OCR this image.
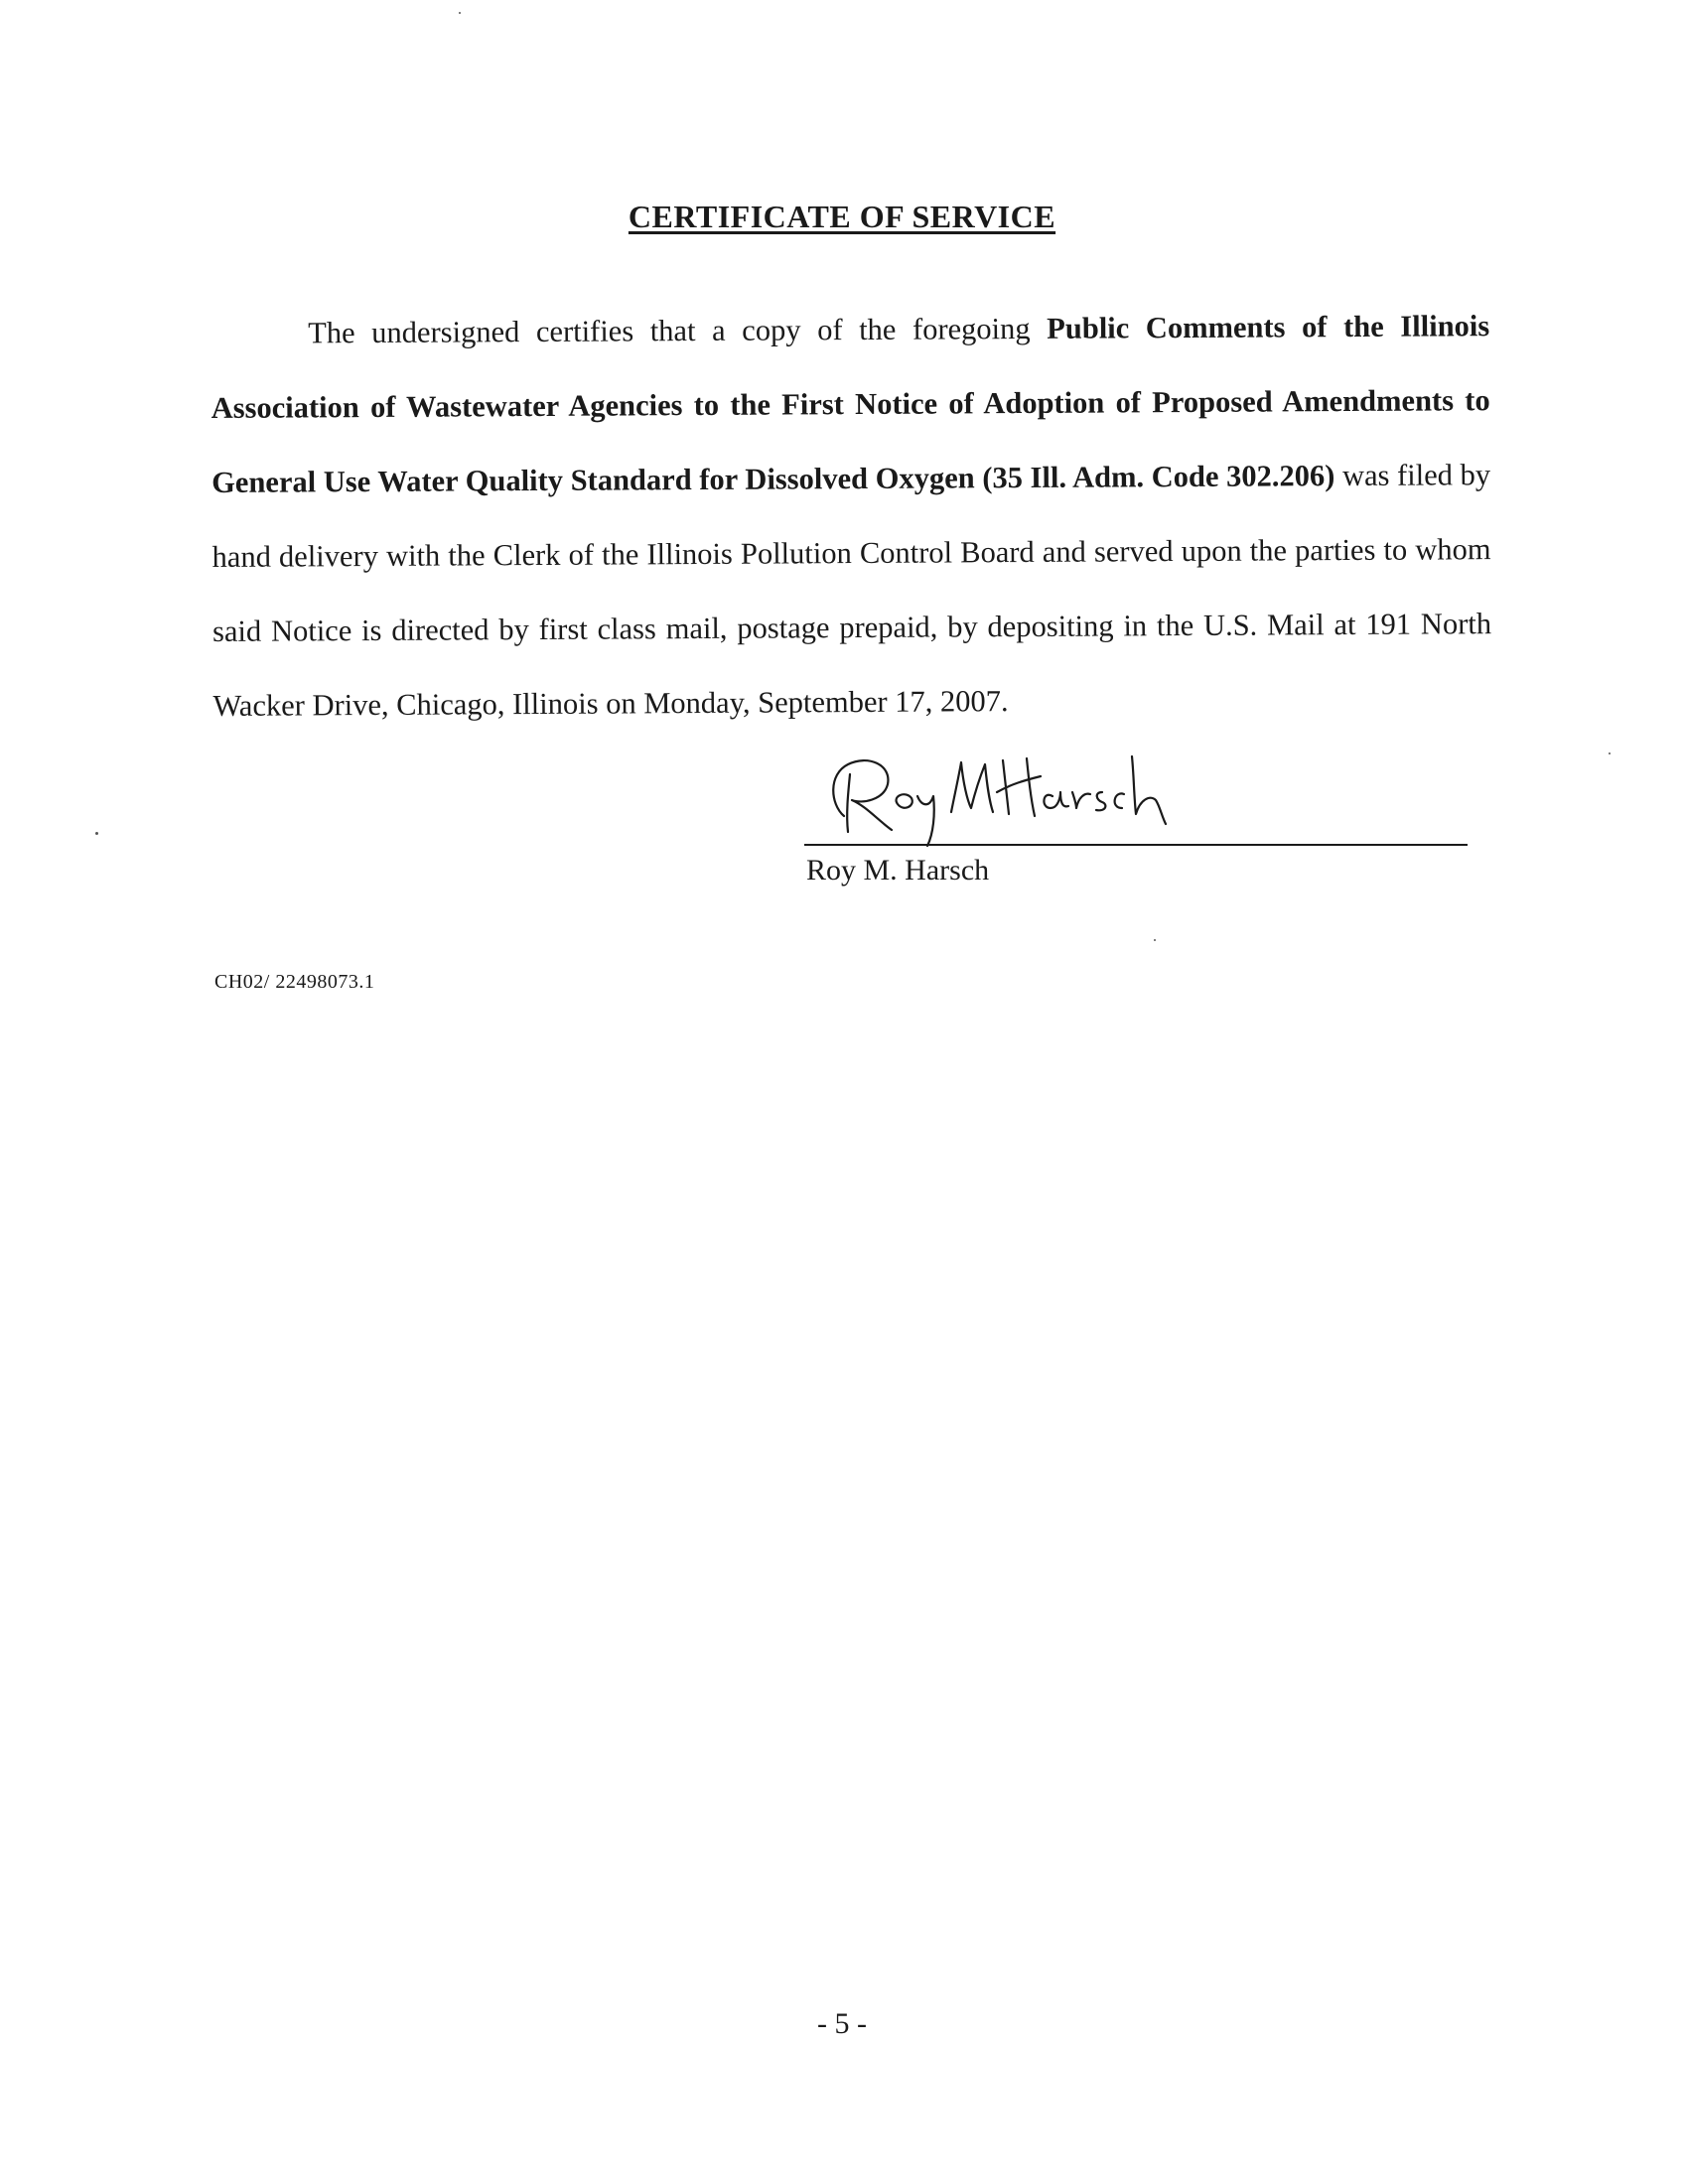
CERTIFICATE OF SERVICE

The undersigned certifies that a copy of the foregoing Public Comments of the Illinois Association of Wastewater Agencies to the First Notice of Adoption of Proposed Amendments to General Use Water Quality Standard for Dissolved Oxygen (35 Ill. Adm. Code 302.206) was filed by hand delivery with the Clerk of the Illinois Pollution Control Board and served upon the parties to whom said Notice is directed by first class mail, postage prepaid, by depositing in the U.S. Mail at 191 North Wacker Drive, Chicago, Illinois on Monday, September 17, 2007.

Roy M. Harsch
CH02/ 22498073.1
- 5 -
